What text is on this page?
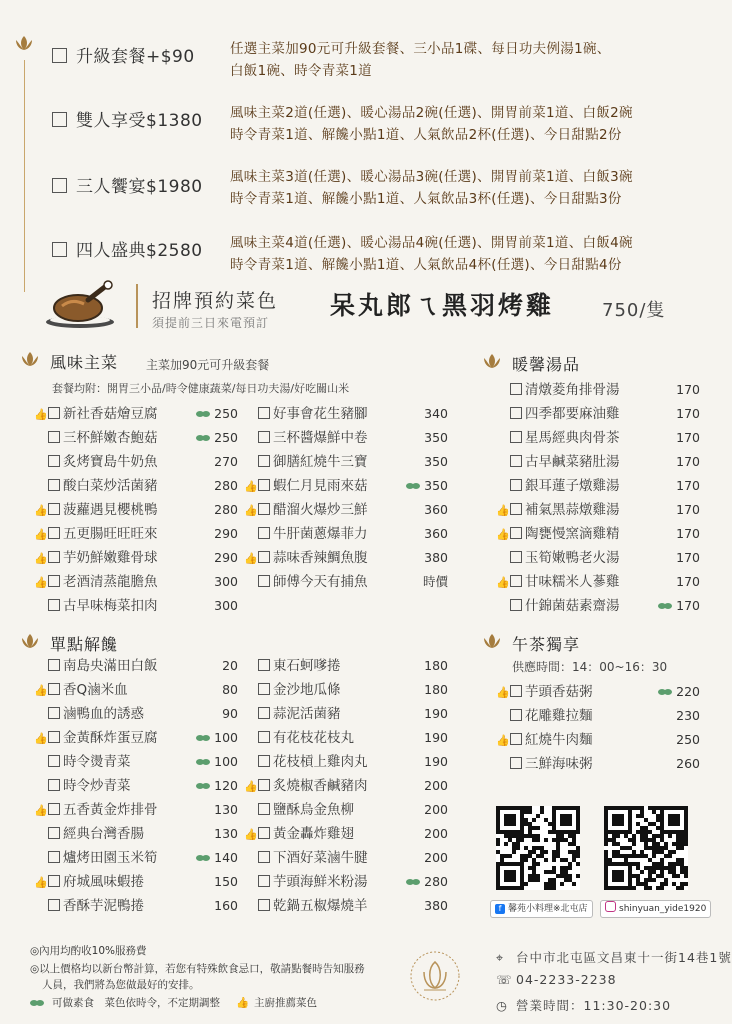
升級套餐+$90	任選主菜加90元可升級套餐、三小品1碟、每日功夫例湯1碗、
白飯1碗、時令青菜1道
雙人享受$1380 風味主菜2道(任選)、暖心湯品2碗(任選)、開胃前菜1道、白飯2碗
時令青菜1道、解饞小點1道、人氣飲品2杯(任選)、今日甜點2份
三人饗宴$1980 風味主菜3道(任選)、暖心湯品3碗(任選)、開胃前菜1道、白飯3碗
時令青菜1道、解饞小點1道、人氣飲品3杯(任選)、今日甜點3份
四人盛典$2580 風味主菜4道(任選)、暖心湯品4碗(任選)、開胃前菜1道、白飯4碗
時令青菜1道、解饞小點1道、人氣飲品4杯(任選)、今日甜點4份
招牌預約菜色
須提前三日來電預訂
呆丸郎ㄟ黑羽烤雞	750/隻
風味主菜 主菜加90元可升級套餐
套餐均附：開胃三小品/時令健康蔬菜/每日功夫湯/好吃關山米
暖馨湯品
單點解饞	午茶獨享
供應時間：14：00~16：30
👍 新社香菇燴豆腐	250
三杯鮮嫩杏鮑菇	250
炙烤寶島牛奶魚	270
酸白菜炒活菌豬	280
👍 菠蘿遇見櫻桃鴨	280
👍 五更腸旺旺旺來	290
👍 芋奶鮮嫩雞骨球	290
👍 老酒清蒸龍膽魚	300
古早味梅菜扣肉	300
好事會花生豬腳	340
三杯醬爆鮮中卷	350
御膳紅燒牛三寶	350
👍 蝦仁月見雨來菇	350
👍 醋溜火爆炒三鮮	360
牛肝菌蔥爆菲力	360
👍 蒜味香辣鯛魚腹	380
師傅今天有捕魚	時價
清燉菱角排骨湯	170
四季都要麻油雞	170
星馬經典肉骨茶	170
古早鹹菜豬肚湯	170
銀耳蓮子燉雞湯	170
👍 補氣黑蒜燉雞湯	170
👍 陶甕慢窯滴雞精	170
玉筍嫩鴨老火湯	170
👍 甘味糯米人蔘雞	170
什錦菌菇素齋湯	170
南島央滿田白飯	20
👍 香Q滷米血	80
滷鴨血的誘惑	90
👍 金黃酥炸蛋豆腐	100
時令燙青菜	100
時令炒青菜	120
👍 五香黃金炸排骨	130
經典台灣香腸	130
爐烤田園玉米筍	140
👍 府城風味蝦捲	150
香酥芋泥鴨捲	160
東石蚵嗲捲	180
金沙地瓜條	180
蒜泥活菌豬	190
有花枝花枝丸	190
花枝槓上雞肉丸	190
👍 炙燒椒香鹹豬肉	200
鹽酥烏金魚柳	200
👍 黃金轟炸雞翅	200
下酒好菜滷牛腱	200
芋頭海鮮米粉湯	280
乾鍋五椒爆燒羊	380
👍 芋頭香菇粥	220
花雕雞拉麵	230
👍 紅燒牛肉麵	250
三鮮海味粥	260
f 馨苑小料理※北屯店	shinyuan_yide1920
◎內用均酌收10%服務費
◎以上價格均以新台幣計算，若您有特殊飲食忌口，敬請點餐時告知服務
人員，我們將為您做最好的安排。
可做素食　菜色依時令，不定期調整 👍 主廚推薦菜色
⌖ 台中市北屯區文昌東十一街14巷1號
☏ 04-2233-2238
◷ 營業時間：11:30-20:30
